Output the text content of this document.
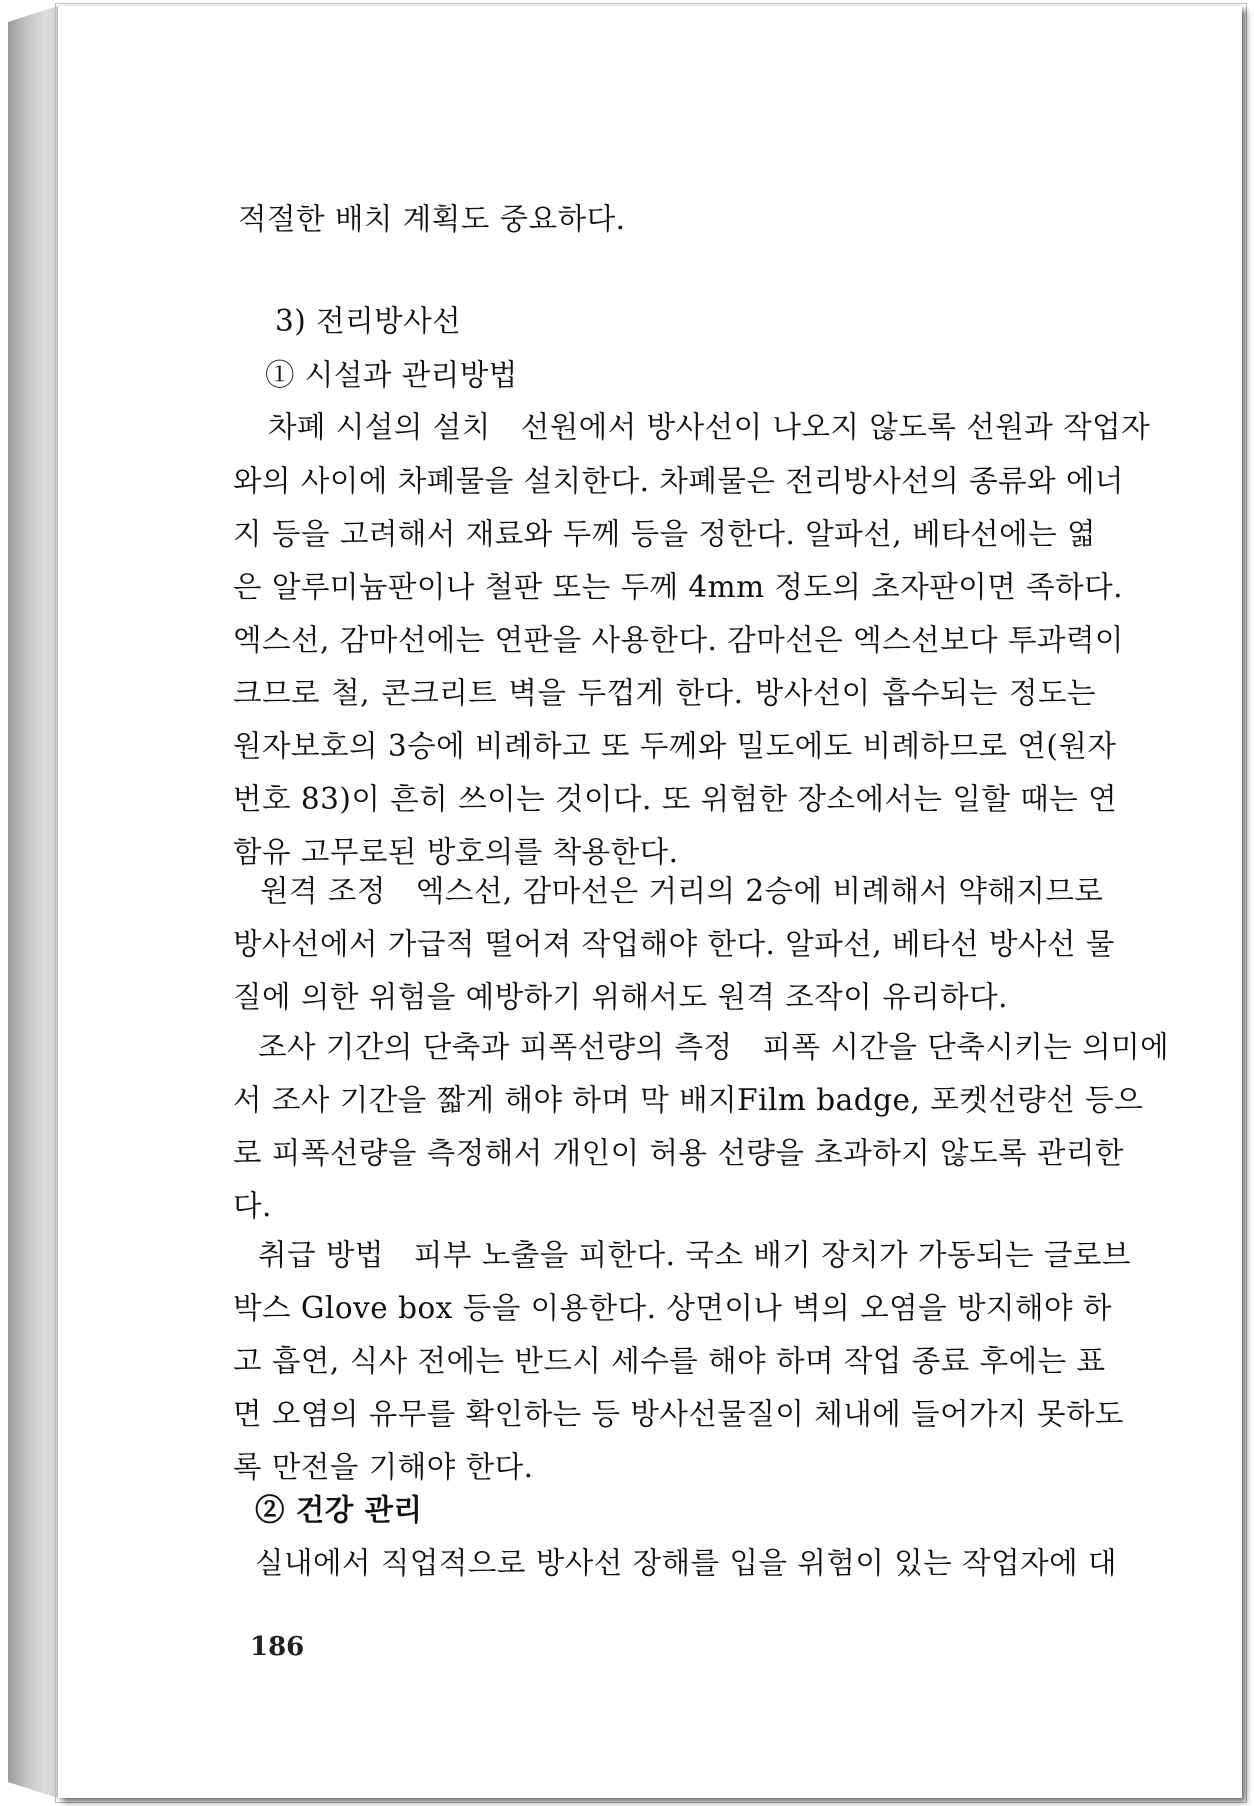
적절한 배치 계획도 중요하다.
3) 전리방사선
① 시설과 관리방법
차폐 시설의 설치 선원에서 방사선이 나오지 않도록 선원과 작업자
와의 사이에 차폐물을 설치한다. 차폐물은 전리방사선의 종류와 에너
지 등을 고려해서 재료와 두께 등을 정한다. 알파선, 베타선에는 엷
은 알루미늄판이나 철판 또는 두께 4mm 정도의 초자판이면 족하다.
엑스선, 감마선에는 연판을 사용한다. 감마선은 엑스선보다 투과력이
크므로 철, 콘크리트 벽을 두껍게 한다. 방사선이 흡수되는 정도는
원자보호의 3승에 비례하고 또 두께와 밀도에도 비례하므로 연(원자
번호 83)이 흔히 쓰이는 것이다. 또 위험한 장소에서는 일할 때는 연
함유 고무로된 방호의를 착용한다.
원격 조정 엑스선, 감마선은 거리의 2승에 비례해서 약해지므로
방사선에서 가급적 떨어져 작업해야 한다. 알파선, 베타선 방사선 물
질에 의한 위험을 예방하기 위해서도 원격 조작이 유리하다.
조사 기간의 단축과 피폭선량의 측정 피폭 시간을 단축시키는 의미에
서 조사 기간을 짧게 해야 하며 막 배지Film badge, 포켓선량선 등으
로 피폭선량을 측정해서 개인이 허용 선량을 초과하지 않도록 관리한
다.
취급 방법 피부 노출을 피한다. 국소 배기 장치가 가동되는 글로브
박스 Glove box 등을 이용한다. 상면이나 벽의 오염을 방지해야 하
고 흡연, 식사 전에는 반드시 세수를 해야 하며 작업 종료 후에는 표
면 오염의 유무를 확인하는 등 방사선물질이 체내에 들어가지 못하도
록 만전을 기해야 한다.
② 건강 관리
실내에서 직업적으로 방사선 장해를 입을 위험이 있는 작업자에 대
186
